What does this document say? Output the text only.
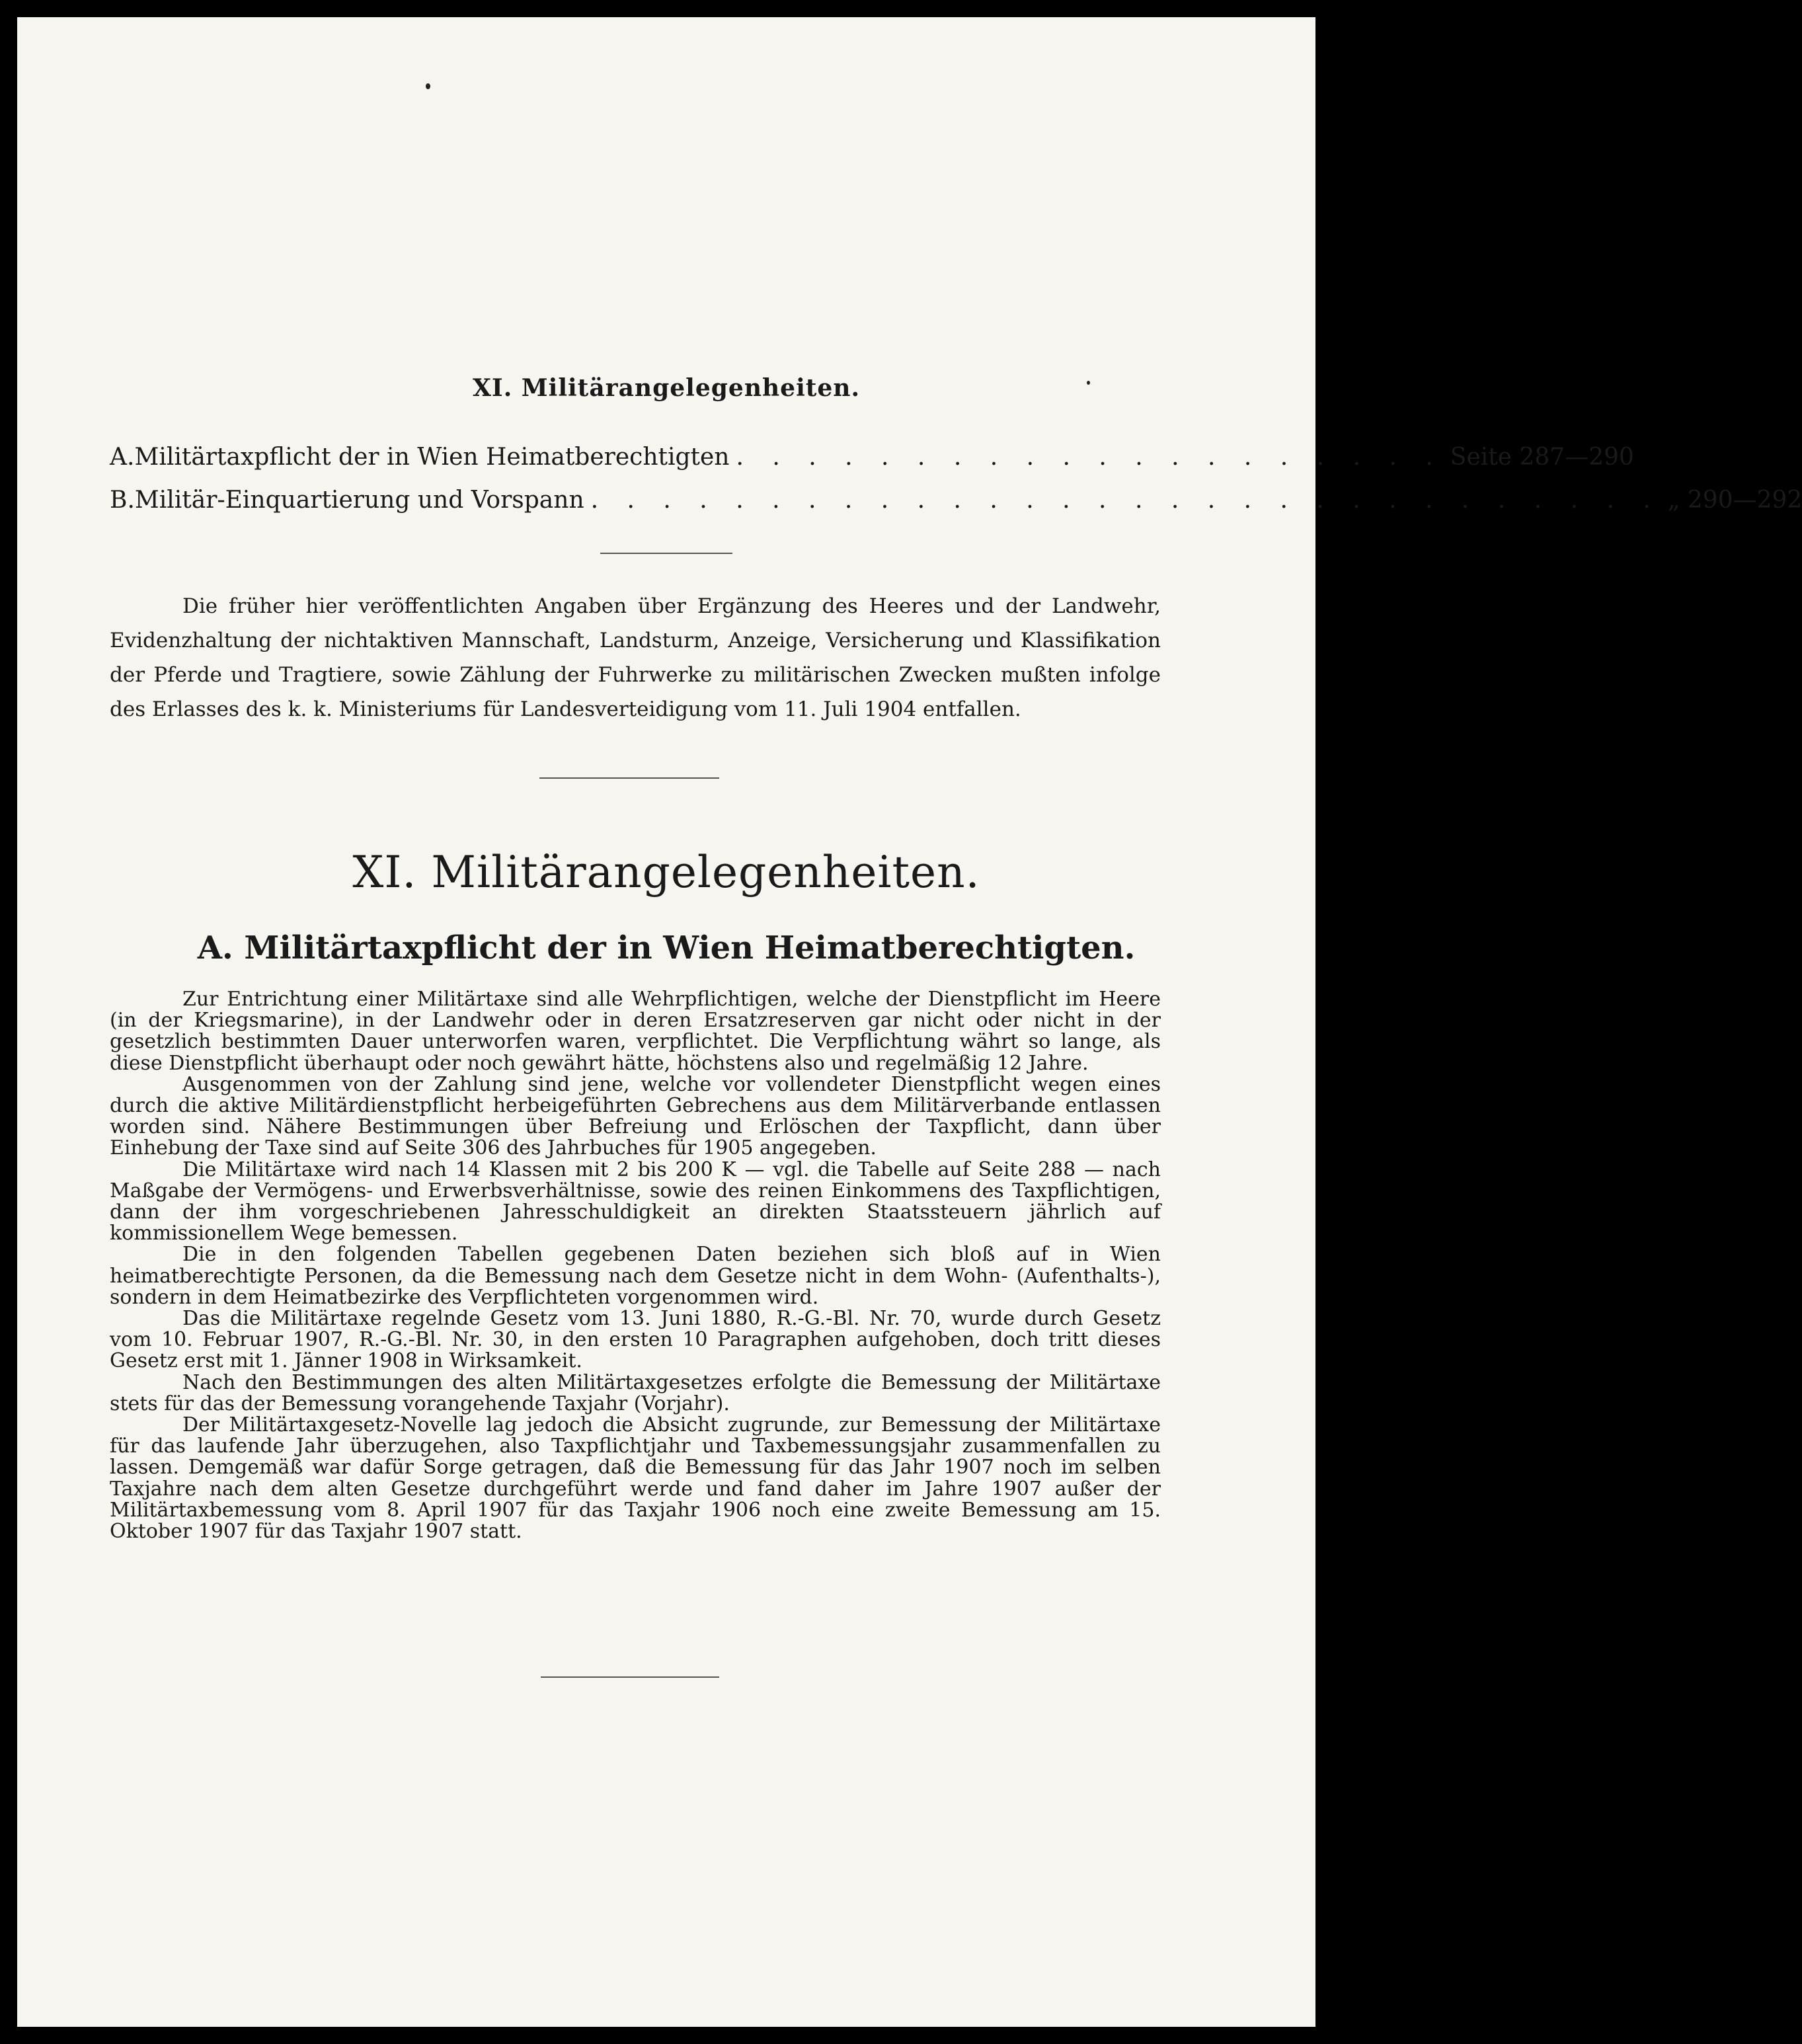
XI. Militärangelegenheiten.
A. Militärtaxpflicht der in Wien Heimatberechtigten . . . . . . . . . . . . . . . . . . . . Seite 287—290
B. Militär-Einquartierung und Vorspann . . . . . . . . . . . . . . . . . . . . . . . . . . . . . . „ 290—292
Die früher hier veröffentlichten Angaben über Ergänzung des Heeres und der Landwehr, Evidenzhaltung der nichtaktiven Mannschaft, Landsturm, Anzeige, Versicherung und Klassifikation der Pferde und Tragtiere, sowie Zählung der Fuhrwerke zu militärischen Zwecken mußten infolge des Erlasses des k. k. Ministeriums für Landesverteidigung vom 11. Juli 1904 entfallen.
XI. Militärangelegenheiten.
A. Militärtaxpflicht der in Wien Heimatberechtigten.

Zur Entrichtung einer Militärtaxe sind alle Wehrpflichtigen, welche der Dienstpflicht im Heere (in der Kriegsmarine), in der Landwehr oder in deren Ersatzreserven gar nicht oder nicht in der gesetzlich bestimmten Dauer unterworfen waren, verpflichtet. Die Verpflichtung währt so lange, als diese Dienstpflicht überhaupt oder noch gewährt hätte, höchstens also und regelmäßig 12 Jahre.

Ausgenommen von der Zahlung sind jene, welche vor vollendeter Dienstpflicht wegen eines durch die aktive Militärdienstpflicht herbeigeführten Gebrechens aus dem Militärverbande entlassen worden sind. Nähere Bestimmungen über Befreiung und Erlöschen der Taxpflicht, dann über Einhebung der Taxe sind auf Seite 306 des Jahrbuches für 1905 angegeben.

Die Militärtaxe wird nach 14 Klassen mit 2 bis 200 K — vgl. die Tabelle auf Seite 288 — nach Maßgabe der Vermögens- und Erwerbsverhältnisse, sowie des reinen Einkommens des Taxpflichtigen, dann der ihm vorgeschriebenen Jahresschuldigkeit an direkten Staatssteuern jährlich auf kommissionellem Wege bemessen.

Die in den folgenden Tabellen gegebenen Daten beziehen sich bloß auf in Wien heimatberechtigte Personen, da die Bemessung nach dem Gesetze nicht in dem Wohn- (Aufenthalts-), sondern in dem Heimatbezirke des Verpflichteten vorgenommen wird.

Das die Militärtaxe regelnde Gesetz vom 13. Juni 1880, R.-G.-Bl. Nr. 70, wurde durch Gesetz vom 10. Februar 1907, R.-G.-Bl. Nr. 30, in den ersten 10 Paragraphen aufgehoben, doch tritt dieses Gesetz erst mit 1. Jänner 1908 in Wirksamkeit.

Nach den Bestimmungen des alten Militärtaxgesetzes erfolgte die Bemessung der Militärtaxe stets für das der Bemessung vorangehende Taxjahr (Vorjahr).

Der Militärtaxgesetz-Novelle lag jedoch die Absicht zugrunde, zur Bemessung der Militärtaxe für das laufende Jahr überzugehen, also Taxpflichtjahr und Taxbemessungsjahr zusammenfallen zu lassen. Demgemäß war dafür Sorge getragen, daß die Bemessung für das Jahr 1907 noch im selben Taxjahre nach dem alten Gesetze durchgeführt werde und fand daher im Jahre 1907 außer der Militärtaxbemessung vom 8. April 1907 für das Taxjahr 1906 noch eine zweite Bemessung am 15. Oktober 1907 für das Taxjahr 1907 statt.
